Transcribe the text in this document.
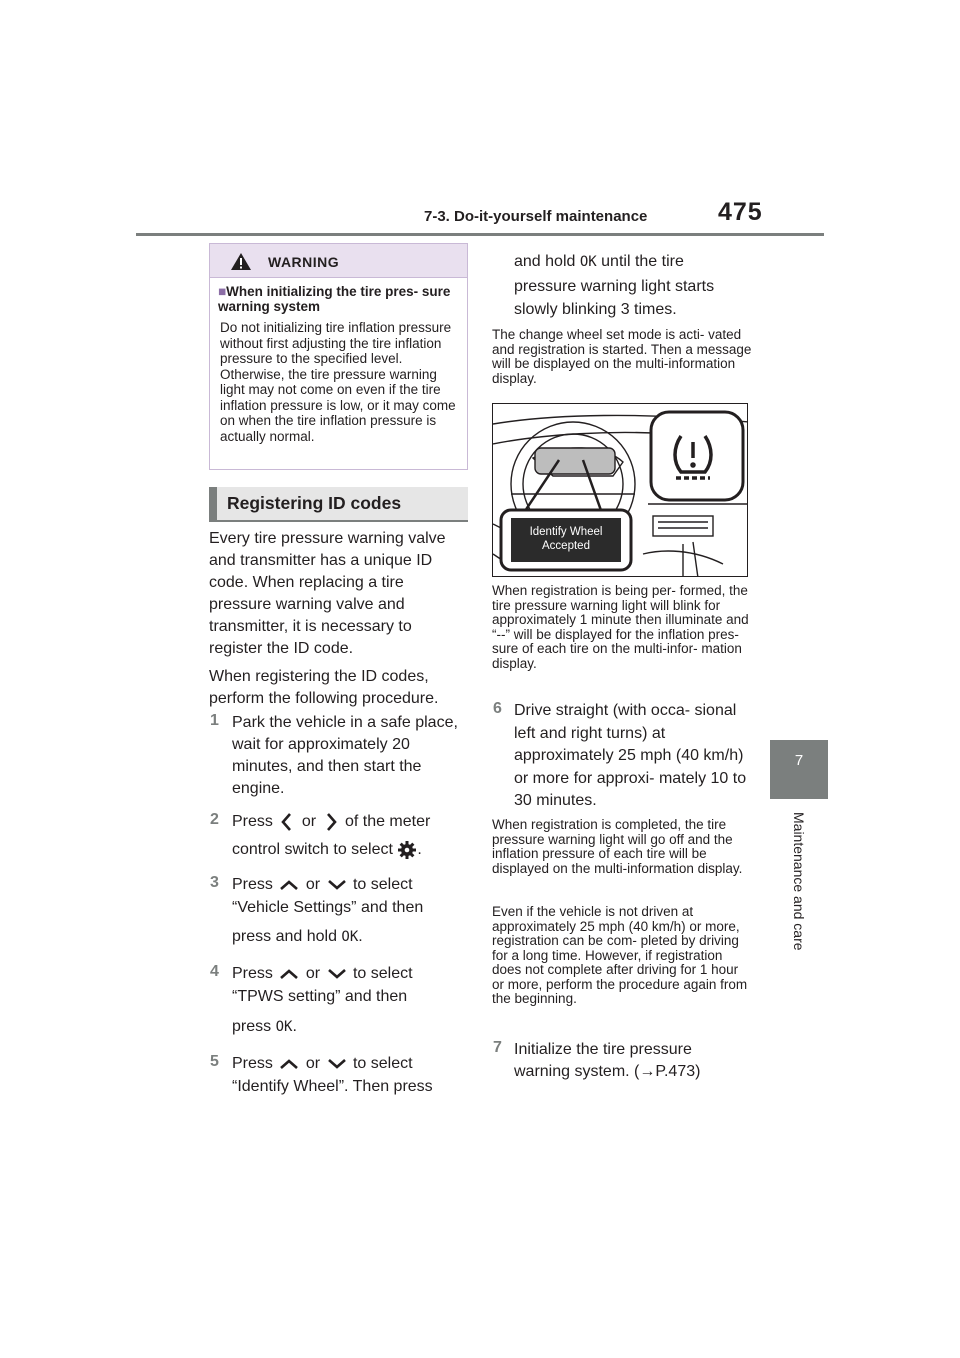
7-3. Do-it-yourself maintenance	475
7
Maintenance and care
WARNING
■When initializing the tire pres- sure warning system
Do not initializing tire inflation pressure without first adjusting the tire inflation pressure to the specified level. Otherwise, the tire pressure warning light may not come on even if the tire inflation pressure is low, or it may come on when the tire inflation pressure is actually normal.
Registering ID codes
Every tire pressure warning valve and transmitter has a unique ID code. When replacing a tire pressure warning valve and transmitter, it is necessary to register the ID code.
When registering the ID codes, perform the following procedure.
1 Park the vehicle in a safe place, wait for approximately 20 minutes, and then start the engine.
2 Press or of the meter
control switch to select .
3 Press or to select
“Vehicle Settings” and then
press and hold OK.
4 Press or to select
“TPWS setting” and then
press OK.
5 Press or to select
“Identify Wheel”. Then press
and hold OK until the tire
pressure warning light starts
slowly blinking 3 times.
The change wheel set mode is acti- vated and registration is started. Then a message will be displayed on the multi-information display.
Identify Wheel
Accepted
When registration is being per- formed, the tire pressure warning light will blink for approximately 1 minute then illuminate and “--” will be displayed for the inflation pres- sure of each tire on the multi-infor- mation display.
6 Drive straight (with occa- sional left and right turns) at approximately 25 mph (40 km/h) or more for approxi- mately 10 to 30 minutes.
When registration is completed, the tire pressure warning light will go off and the inflation pressure of each tire will be displayed on the multi-information display.
Even if the vehicle is not driven at approximately 25 mph (40 km/h) or more, registration can be com- pleted by driving for a long time. However, if registration does not complete after driving for 1 hour or more, perform the procedure again from the beginning.
7 Initialize the tire pressure warning system. (→P.473)
